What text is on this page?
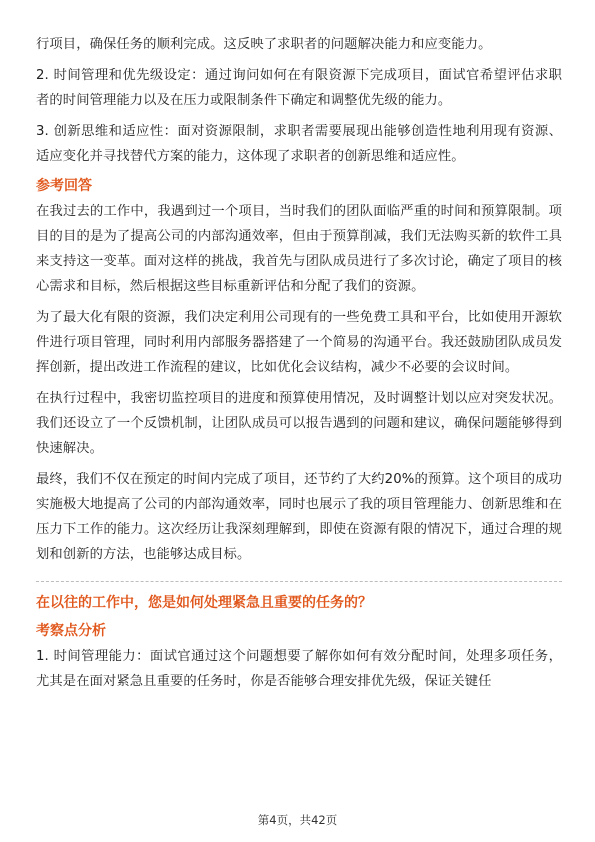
行项目，确保任务的顺利完成。这反映了求职者的问题解决能力和应变能力。

2. 时间管理和优先级设定：通过询问如何在有限资源下完成项目，面试官希望评估求职者的时间管理能力以及在压力或限制条件下确定和调整优先级的能力。

3. 创新思维和适应性：面对资源限制，求职者需要展现出能够创造性地利用现有资源、适应变化并寻找替代方案的能力，这体现了求职者的创新思维和适应性。

参考回答

在我过去的工作中，我遇到过一个项目，当时我们的团队面临严重的时间和预算限制。项目的目的是为了提高公司的内部沟通效率，但由于预算削减，我们无法购买新的软件工具来支持这一变革。面对这样的挑战，我首先与团队成员进行了多次讨论，确定了项目的核心需求和目标，然后根据这些目标重新评估和分配了我们的资源。

为了最大化有限的资源，我们决定利用公司现有的一些免费工具和平台，比如使用开源软件进行项目管理，同时利用内部服务器搭建了一个简易的沟通平台。我还鼓励团队成员发挥创新，提出改进工作流程的建议，比如优化会议结构，减少不必要的会议时间。

在执行过程中，我密切监控项目的进度和预算使用情况，及时调整计划以应对突发状况。我们还设立了一个反馈机制，让团队成员可以报告遇到的问题和建议，确保问题能够得到快速解决。

最终，我们不仅在预定的时间内完成了项目，还节约了大约20%的预算。这个项目的成功实施极大地提高了公司的内部沟通效率，同时也展示了我的项目管理能力、创新思维和在压力下工作的能力。这次经历让我深刻理解到，即使在资源有限的情况下，通过合理的规划和创新的方法，也能够达成目标。

在以往的工作中，您是如何处理紧急且重要的任务的？
考察点分析

1. 时间管理能力：面试官通过这个问题想要了解你如何有效分配时间，处理多项任务，尤其是在面对紧急且重要的任务时，你是否能够合理安排优先级，保证关键任

第4页，共42页
